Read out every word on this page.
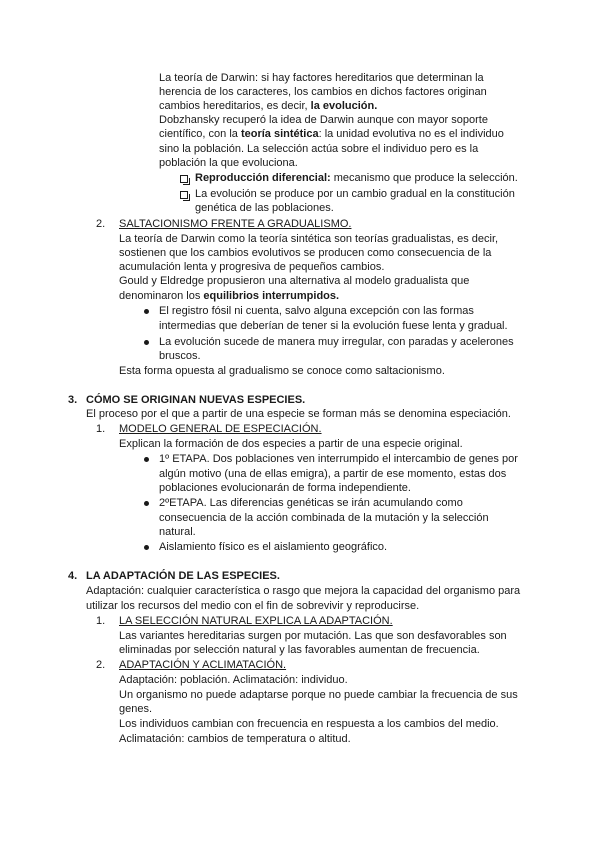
La teoría de Darwin: si hay factores hereditarios que determinan la
herencia de los caracteres, los cambios en dichos factores originan
cambios hereditarios, es decir, la evolución.
Dobzhansky recuperó la idea de Darwin aunque con mayor soporte
científico, con la teoría sintética: la unidad evolutiva no es el individuo
sino la población. La selección actúa sobre el individuo pero es la
población la que evoluciona.
Reproducción diferencial: mecanismo que produce la selección.
La evolución se produce por un cambio gradual en la constitución
genética de las poblaciones.
2. SALTACIONISMO FRENTE A GRADUALISMO.
La teoría de Darwin como la teoría sintética son teorías gradualistas, es decir,
sostienen que los cambios evolutivos se producen como consecuencia de la
acumulación lenta y progresiva de pequeños cambios.
Gould y Eldredge propusieron una alternativa al modelo gradualista que
denominaron los equilibrios interrumpidos.
El registro fósil ni cuenta, salvo alguna excepción con las formas
intermedias que deberían de tener si la evolución fuese lenta y gradual.
La evolución sucede de manera muy irregular, con paradas y acelerones
bruscos.
Esta forma opuesta al gradualismo se conoce como saltacionismo.
3. CÓMO SE ORIGINAN NUEVAS ESPECIES.
El proceso por el que a partir de una especie se forman más se denomina especiación.
1. MODELO GENERAL DE ESPECIACIÓN.
Explican la formación de dos especies a partir de una especie original.
1º ETAPA. Dos poblaciones ven interrumpido el intercambio de genes por
algún motivo (una de ellas emigra), a partir de ese momento, estas dos
poblaciones evolucionarán de forma independiente.
2ºETAPA. Las diferencias genéticas se irán acumulando como
consecuencia de la acción combinada de la mutación y la selección
natural.
Aislamiento físico es el aislamiento geográfico.
4. LA ADAPTACIÓN DE LAS ESPECIES.
Adaptación: cualquier característica o rasgo que mejora la capacidad del organismo para
utilizar los recursos del medio con el fin de sobrevivir y reproducirse.
1. LA SELECCIÓN NATURAL EXPLICA LA ADAPTACIÓN.
Las variantes hereditarias surgen por mutación. Las que son desfavorables son
eliminadas por selección natural y las favorables aumentan de frecuencia.
2. ADAPTACIÓN Y ACLIMATACIÓN.
Adaptación: población. Aclimatación: individuo.
Un organismo no puede adaptarse porque no puede cambiar la frecuencia de sus
genes.
Los individuos cambian con frecuencia en respuesta a los cambios del medio.
Aclimatación: cambios de temperatura o altitud.
